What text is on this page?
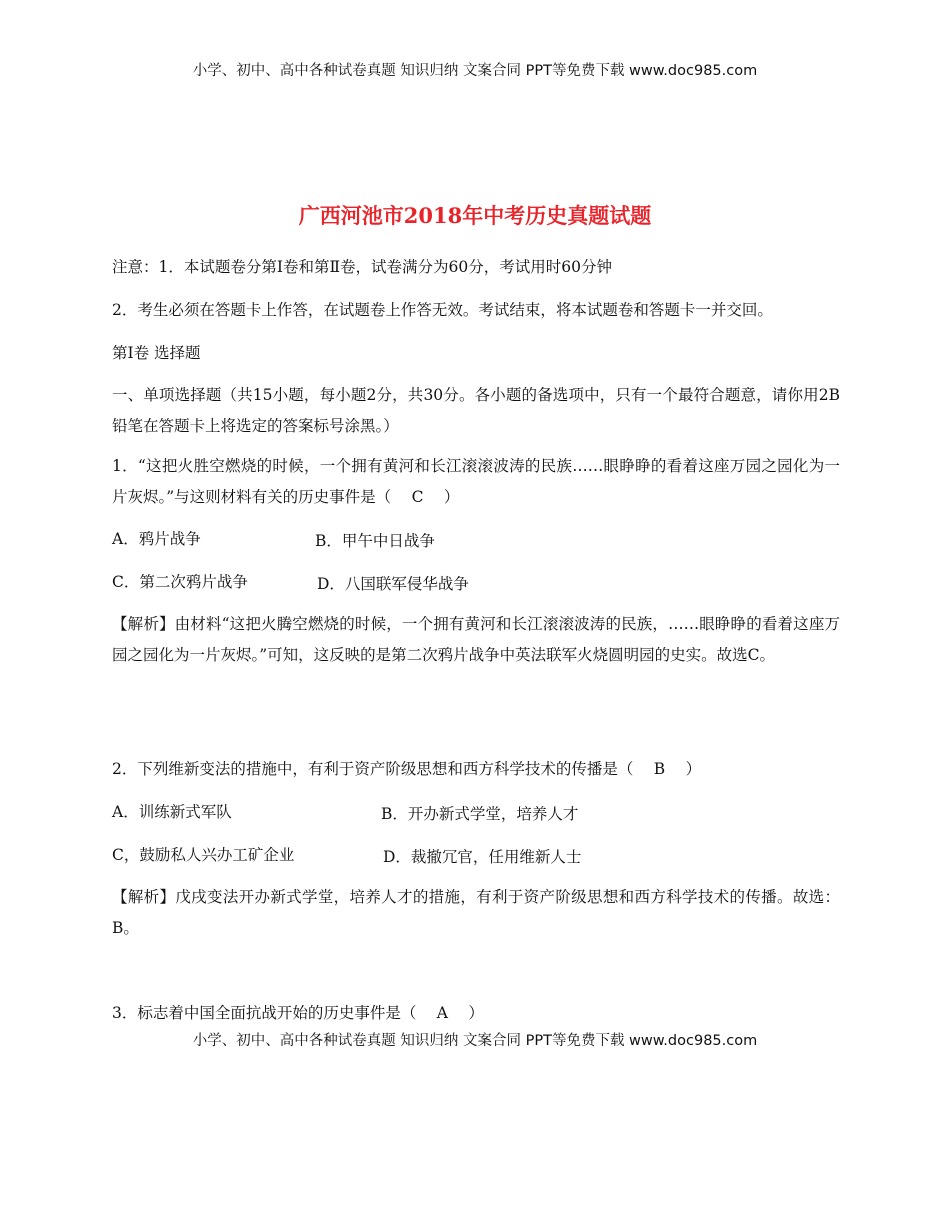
小学、初中、高中各种试卷真题 知识归纳 文案合同 PPT等免费下载 www.doc985.com
广西河池市2018年中考历史真题试题
注意：1．本试题卷分第Ⅰ卷和第Ⅱ卷，试卷满分为60分，考试用时60分钟
2．考生必须在答题卡上作答，在试题卷上作答无效。考试结束，将本试题卷和答题卡一并交回。
第Ⅰ卷 选择题
一、单项选择题（共15小题，每小题2分，共30分。各小题的备选项中，只有一个最符合题意，请你用2B铅笔在答题卡上将选定的答案标号涂黑。）
1．“这把火胜空燃烧的时候，一个拥有黄河和长江滚滚波涛的民族……眼睁睁的看着这座万园之园化为一片灰烬。”与这则材料有关的历史事件是（　 C　 ）
A．鸦片战争	B．甲午中日战争
C．第二次鸦片战争	D．八国联军侵华战争
【解析】由材料“这把火腾空燃烧的时候，一个拥有黄河和长江滚滚波涛的民族，……眼睁睁的看着这座万园之园化为一片灰烬。”可知，这反映的是第二次鸦片战争中英法联军火烧圆明园的史实。故选C。
2．下列维新变法的措施中，有利于资产阶级思想和西方科学技术的传播是（　 B　 ）
A．训练新式军队	B．开办新式学堂，培养人才
C，鼓励私人兴办工矿企业	D．裁撤冗官，任用维新人士
【解析】戊戌变法开办新式学堂，培养人才的措施，有利于资产阶级思想和西方科学技术的传播。故选：B。
3．标志着中国全面抗战开始的历史事件是（　 A　 ）
小学、初中、高中各种试卷真题 知识归纳 文案合同 PPT等免费下载 www.doc985.com
